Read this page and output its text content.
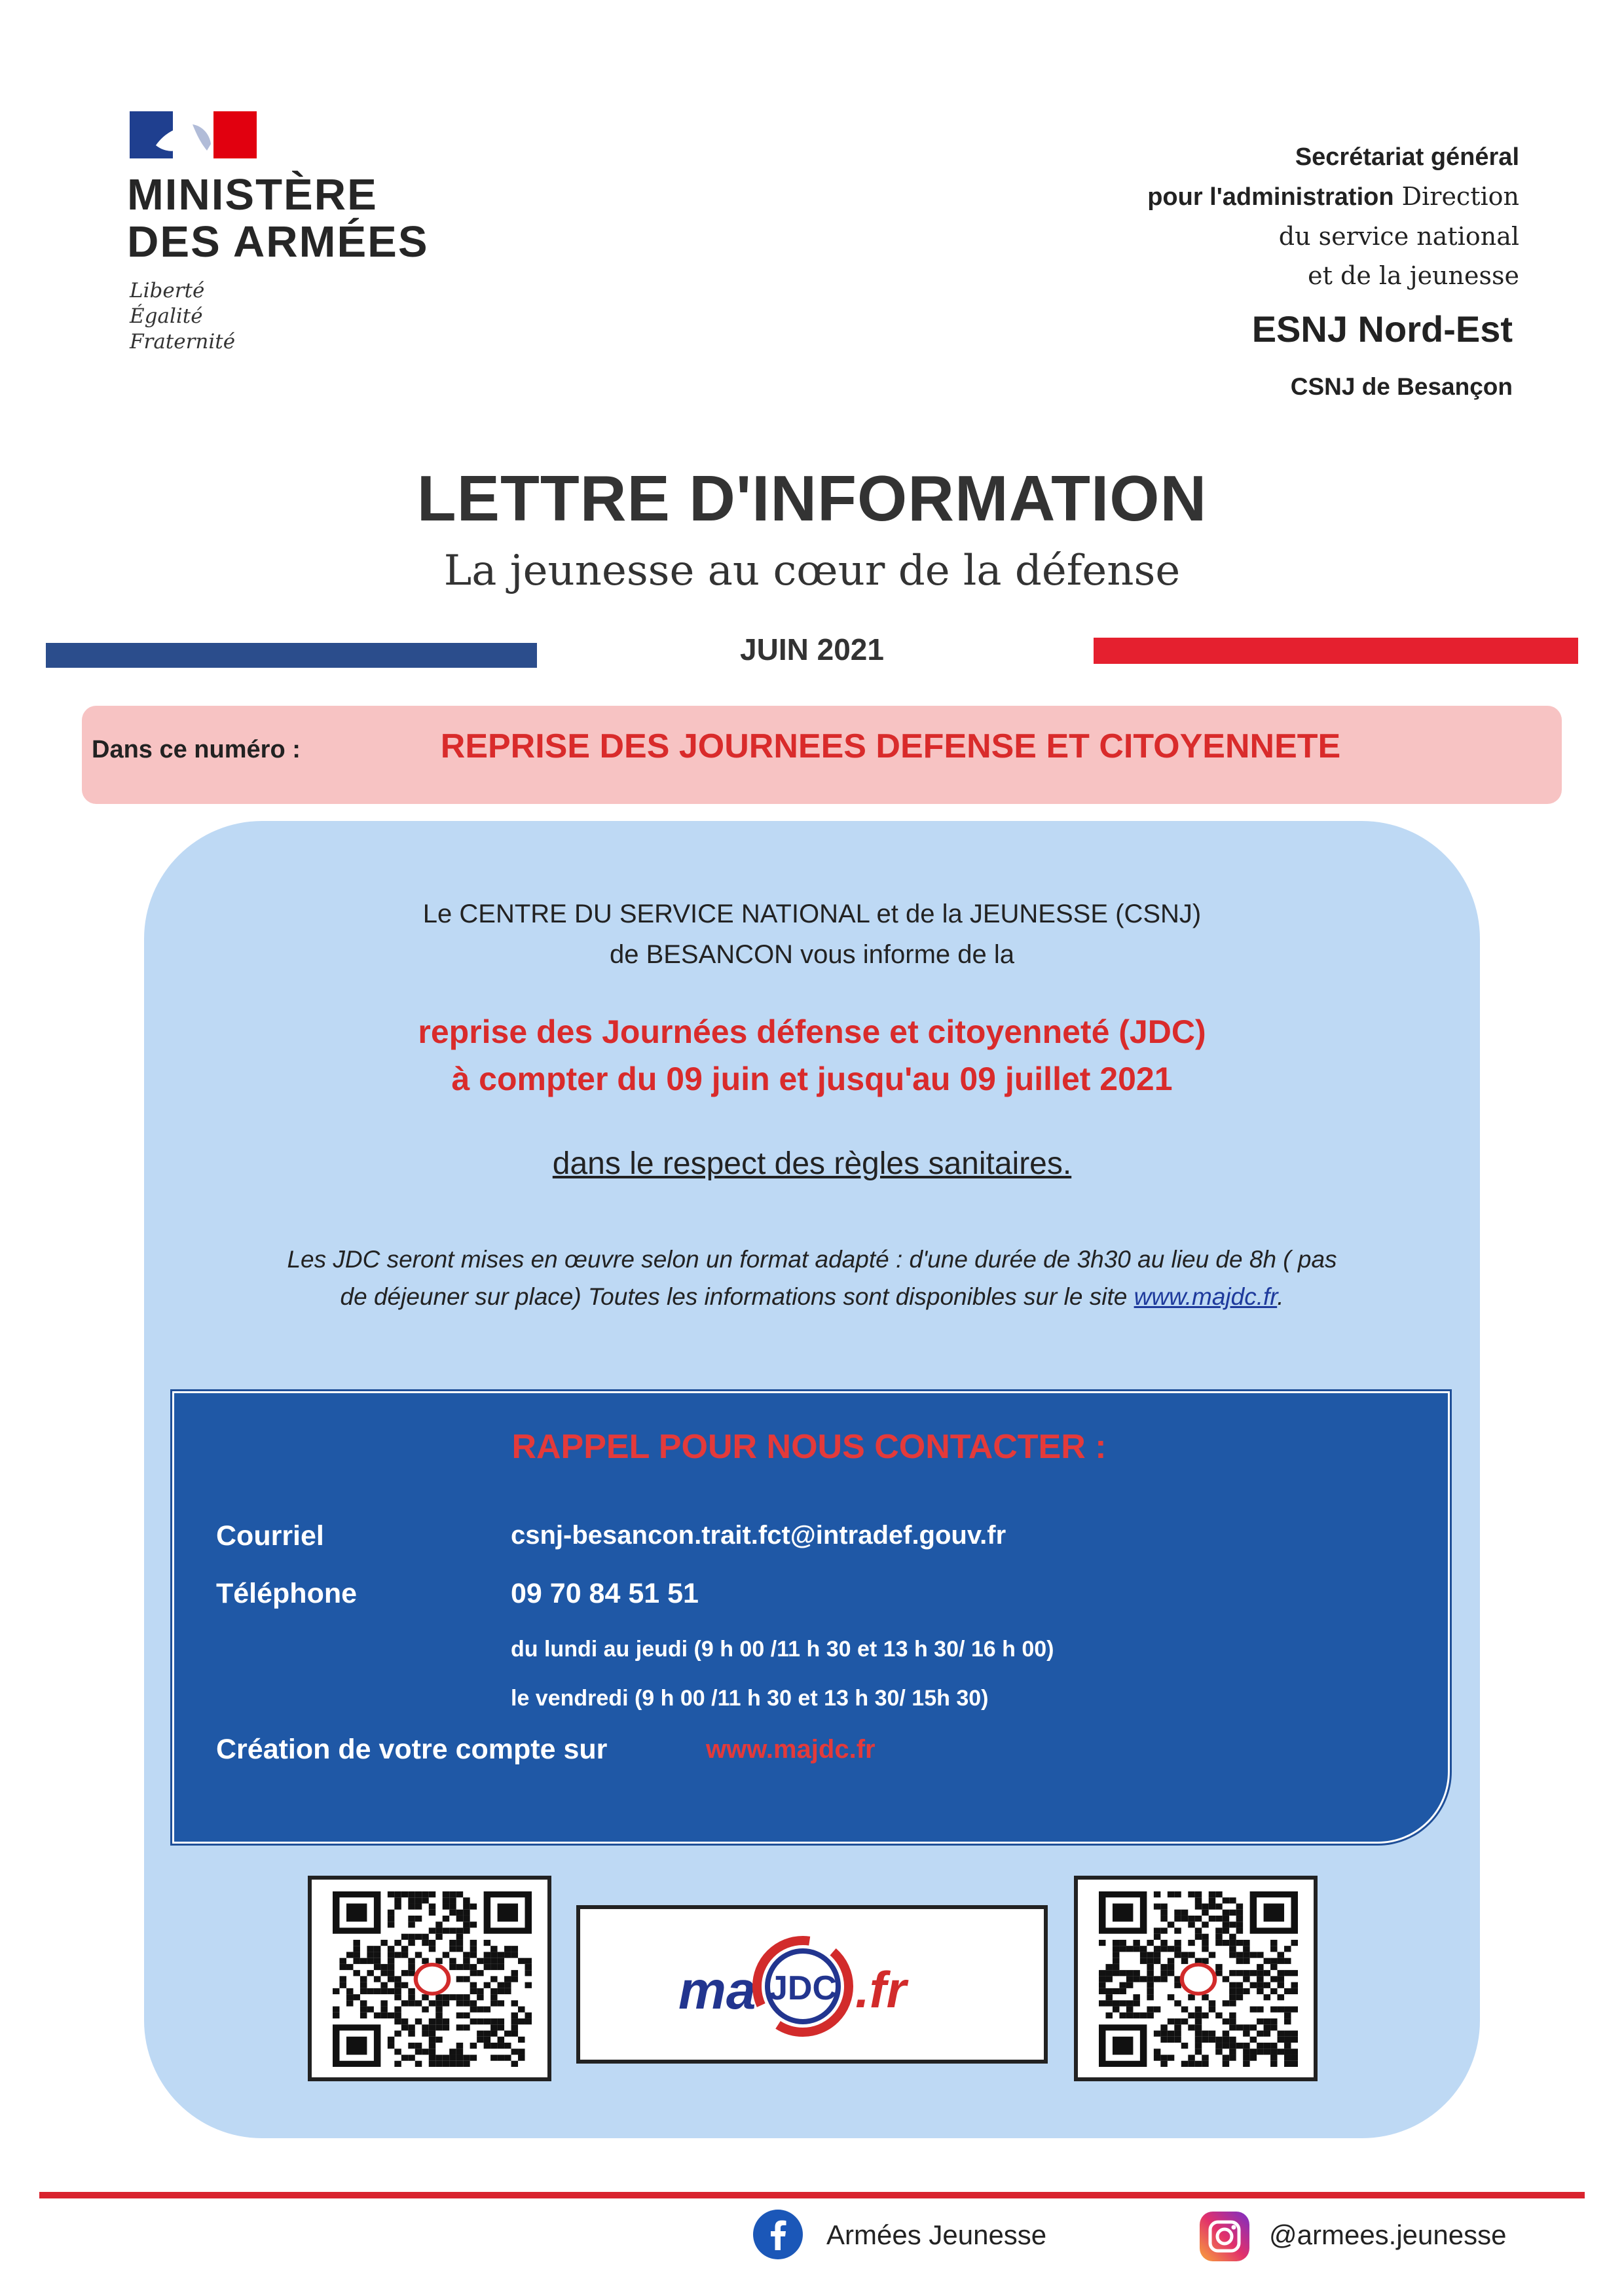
MINISTÈRE
DES ARMÉES
Liberté
Égalité
Fraternité
Secrétariat général
pour l'administration Direction
du service national
et de la jeunesse
ESNJ Nord-Est
CSNJ de Besançon
LETTRE D'INFORMATION
La jeunesse au cœur de la défense
JUIN 2021
Dans ce numéro :	REPRISE DES JOURNEES DEFENSE ET CITOYENNETE
Le CENTRE DU SERVICE NATIONAL et de la JEUNESSE (CSNJ)
de BESANCON vous informe de la
reprise des Journées défense et citoyenneté (JDC)
à compter du 09 juin et jusqu'au 09 juillet 2021
dans le respect des règles sanitaires.
Les JDC seront mises en œuvre selon un format adapté : d'une durée de 3h30 au lieu de 8h ( pas
de déjeuner sur place) Toutes les informations sont disponibles sur le site www.majdc.fr.
RAPPEL POUR NOUS CONTACTER :
Courriel	csnj-besancon.trait.fct@intradef.gouv.fr
Téléphone	09 70 84 51 51
du lundi au jeudi (9 h 00 /11 h 30 et 13 h 30/ 16 h 00)
le vendredi (9 h 00 /11 h 30 et 13 h 30/ 15h 30)
Création de votre compte sur	www.majdc.fr
ma JDC .fr
Armées Jeunesse	@armees.jeunesse
